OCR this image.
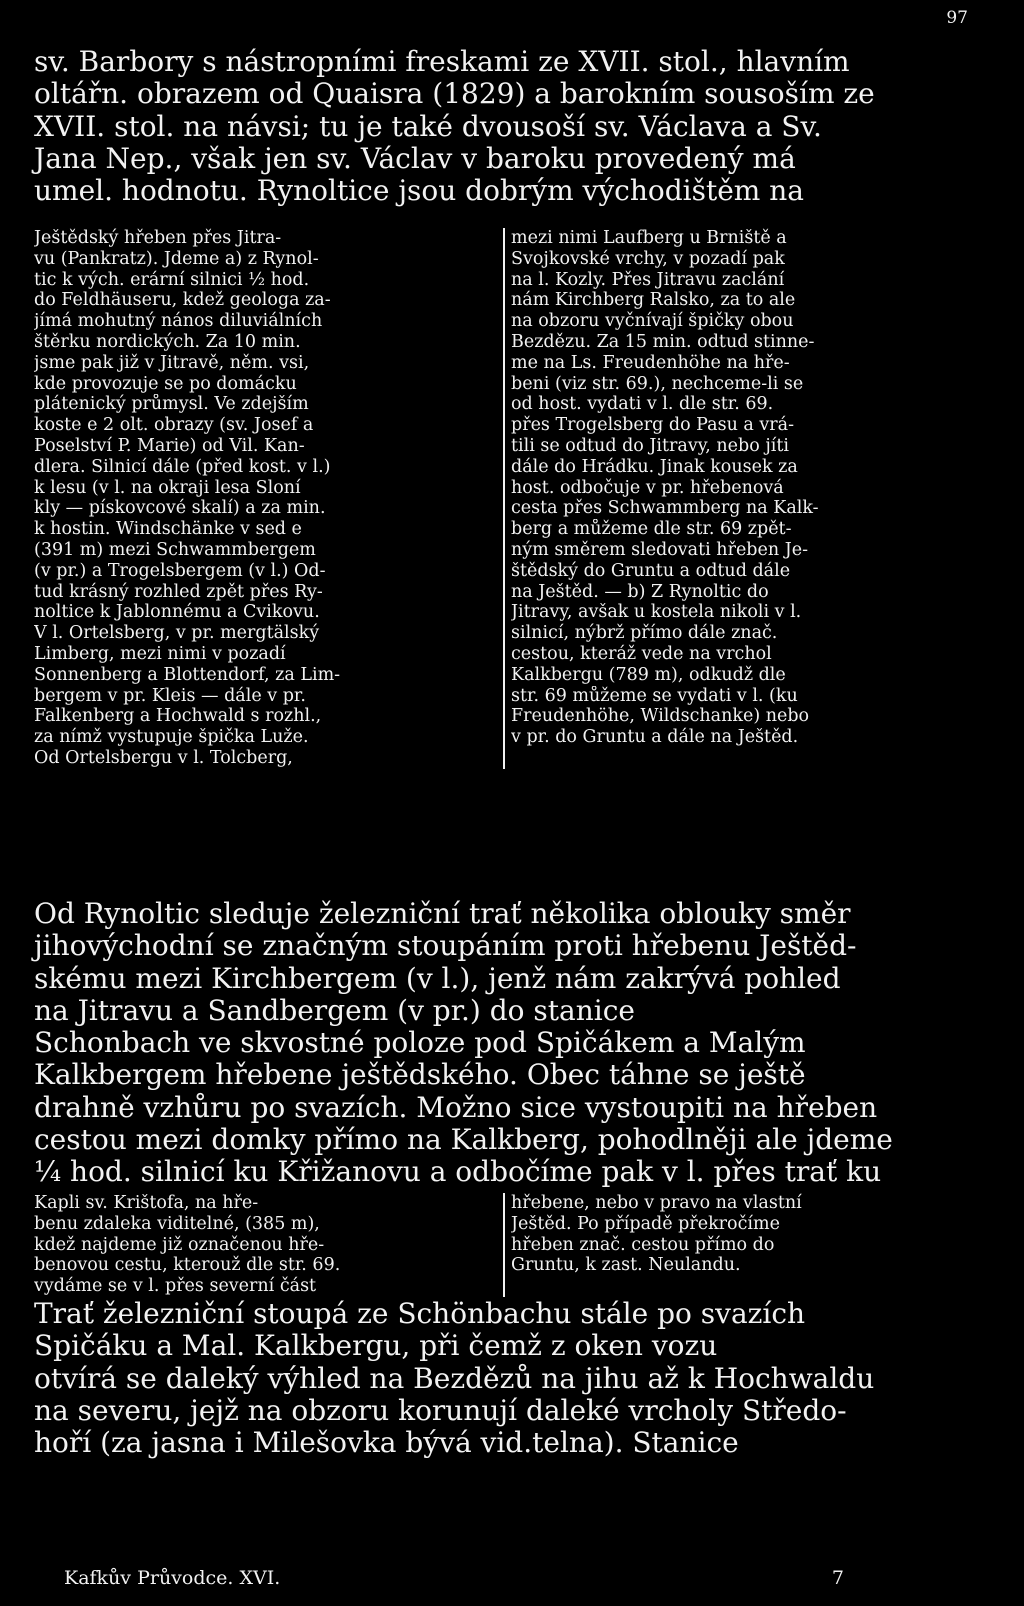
97
sv. Barbory s nástropními freskami ze XVII. stol., hlavním
oltářn. obrazem od Quaisra (1829) a barokním sousoším ze
XVII. stol. na návsi; tu je také dvousoší sv. Václava a Sv.
Jana Nep., však jen sv. Václav v baroku provedený má
umel. hodnotu. Rynoltice jsou dobrým východištěm na
Ještědský hřeben přes Jitra-
vu (Pankratz). Jdeme a) z Rynol-
tic k vých. erární silnici ½ hod.
do Feldhäuseru, kdež geologa za-
jímá mohutný nános diluviálních
štěrku nordických. Za 10 min.
jsme pak již v Jitravě, něm. vsi,
kde provozuje se po domácku
plátenický průmysl. Ve zdejším
koste e 2 olt. obrazy (sv. Josef a
Poselství P. Marie) od Vil. Kan-
dlera. Silnicí dále (před kost. v l.)
k lesu (v l. na okraji lesa Sloní
kly — pískovcové skalí) a za min.
k hostin. Windschänke v sed e
(391 m) mezi Schwammbergem
(v pr.) a Trogelsbergem (v l.) Od-
tud krásný rozhled zpět přes Ry-
noltice k Jablonnému a Cvikovu.
V l. Ortelsberg, v pr. mergtälský
Limberg, mezi nimi v pozadí
Sonnenberg a Blottendorf, za Lim-
bergem v pr. Kleis — dále v pr.
Falkenberg a Hochwald s rozhl.,
za nímž vystupuje špička Luže.
Od Ortelsbergu v l. Tolcberg,
mezi nimi Laufberg u Brniště a
Svojkovské vrchy, v pozadí pak
na l. Kozly. Přes Jitravu zaclání
nám Kirchberg Ralsko, za to ale
na obzoru vyčnívají špičky obou
Bezdězu. Za 15 min. odtud stinne-
me na Ls. Freudenhöhe na hře-
beni (viz str. 69.), nechceme-li se
od host. vydati v l. dle str. 69.
přes Trogelsberg do Pasu a vrá-
tili se odtud do Jitravy, nebo jíti
dále do Hrádku. Jinak kousek za
host. odbočuje v pr. hřebenová
cesta přes Schwammberg na Kalk-
berg a můžeme dle str. 69 zpět-
ným směrem sledovati hřeben Je-
štědský do Gruntu a odtud dále
na Ještěd. — b) Z Rynoltic do
Jitravy, avšak u kostela nikoli v l.
silnicí, nýbrž přímo dále znač.
cestou, kteráž vede na vrchol
Kalkbergu (789 m), odkudž dle
str. 69 můžeme se vydati v l. (ku
Freudenhöhe, Wildschanke) nebo
v pr. do Gruntu a dále na Ještěd.
Od Rynoltic sleduje železniční trať několika oblouky směr
jihovýchodní se značným stoupáním proti hřebenu Ještěd-
skému mezi Kirchbergem (v l.), jenž nám zakrývá pohled
na Jitravu a Sandbergem (v pr.) do stanice
Schonbach ve skvostné poloze pod Spičákem a Malým
Kalkbergem hřebene ještědského. Obec táhne se ještě
drahně vzhůru po svazích. Možno sice vystoupiti na hřeben
cestou mezi domky přímo na Kalkberg, pohodlněji ale jdeme
¼ hod. silnicí ku Křižanovu a odbočíme pak v l. přes trať ku
Kapli sv. Krištofa, na hře-
benu zdaleka viditelné, (385 m),
kdež najdeme již označenou hře-
benovou cestu, kterouž dle str. 69.
vydáme se v l. přes severní část
hřebene, nebo v pravo na vlastní
Ještěd. Po případě překročíme
hřeben znač. cestou přímo do
Gruntu, k zast. Neulandu.
Trať železniční stoupá ze Schönbachu stále po svazích
Spičáku a Mal. Kalkbergu, při čemž z oken vozu
otvírá se daleký výhled na Bezdězů na jihu až k Hochwaldu
na severu, jejž na obzoru korunují daleké vrcholy Středo-
hoří (za jasna i Milešovka bývá vid.telna). Stanice
Kafkův Průvodce. XVI.	7
